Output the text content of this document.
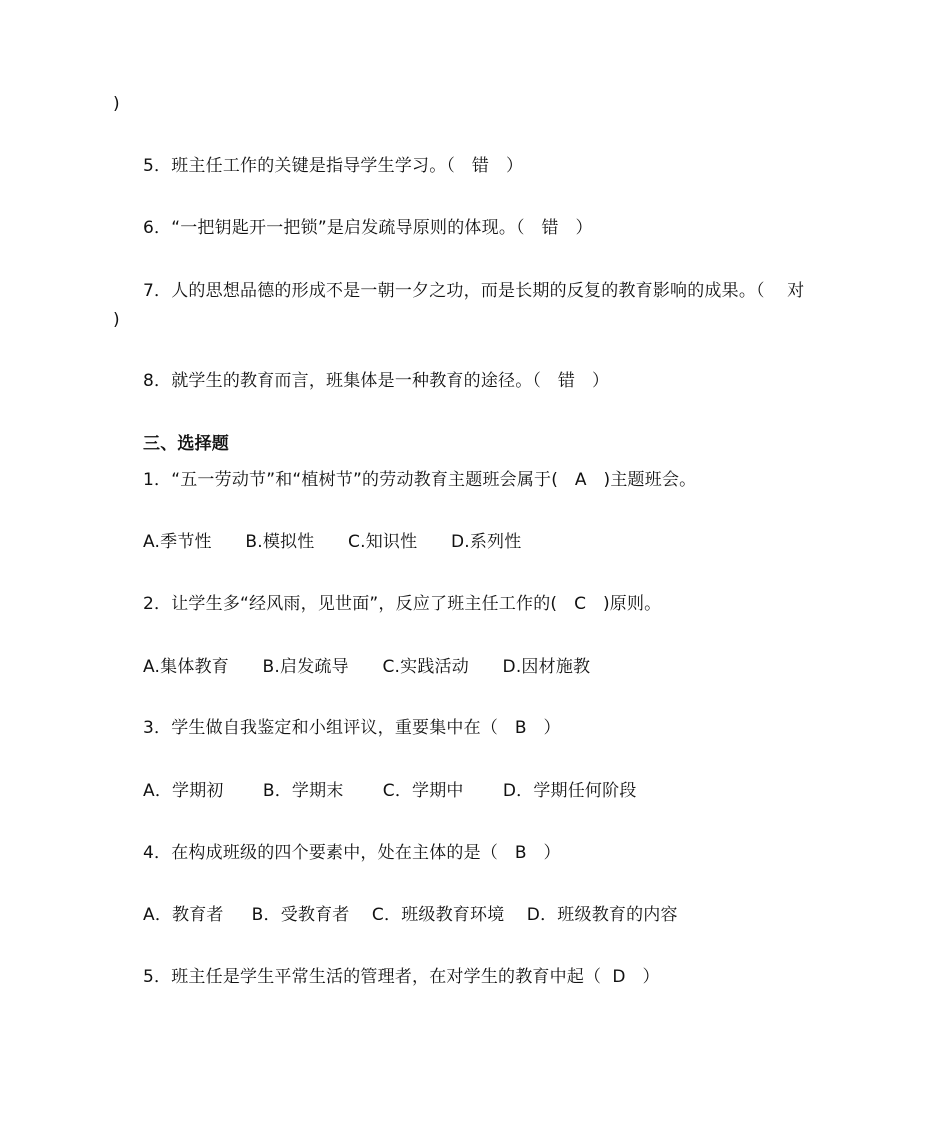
)
5．班主任工作的关键是指导学生学习。（   错   ）
6．“一把钥匙开一把锁”是启发疏导原则的体现。（   错   ）
7．人的思想品德的形成不是一朝一夕之功，而是长期的反复的教育影响的成果。（    对
)
8．就学生的教育而言，班集体是一种教育的途径。（   错   ）
三、选择题
1．“五一劳动节”和“植树节”的劳动教育主题班会属于(   A   )主题班会。
A.季节性      B.模拟性      C.知识性      D.系列性
2．让学生多“经风雨，见世面”，反应了班主任工作的(   C   )原则。
A.集体教育      B.启发疏导      C.实践活动      D.因材施教
3．学生做自我鉴定和小组评议，重要集中在（   B   ）
A．学期初       B．学期末       C．学期中       D．学期任何阶段
4．在构成班级的四个要素中，处在主体的是（   B   ）
A．教育者     B．受教育者    C．班级教育环境    D．班级教育的内容
5．班主任是学生平常生活的管理者，在对学生的教育中起（  D   ）
